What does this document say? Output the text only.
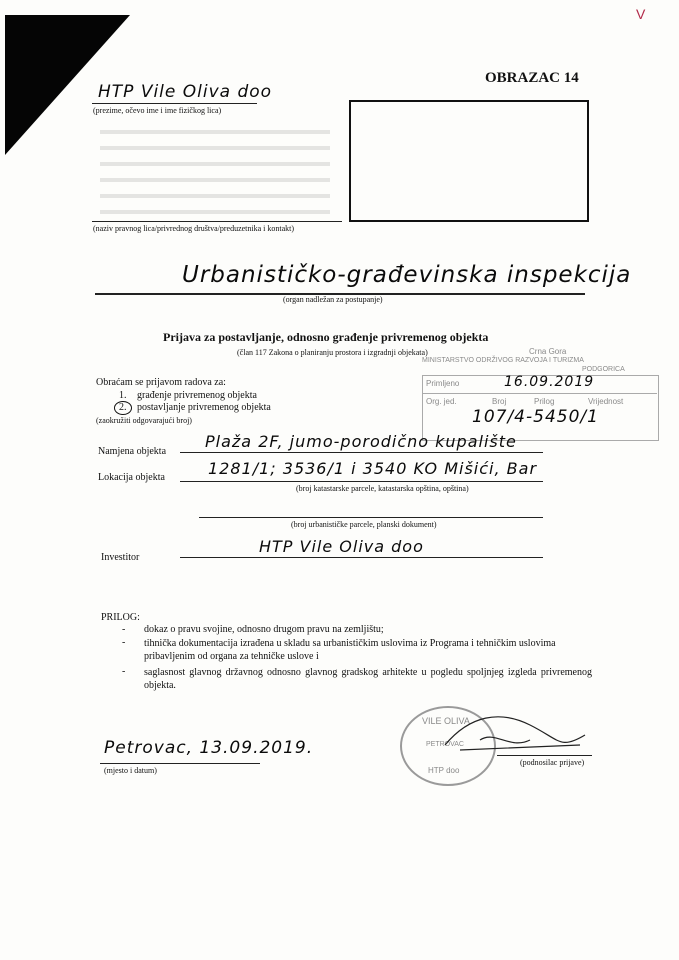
V
OBRAZAC 14
HTP Vile Oliva doo
(prezime, očevo ime i ime fizičkog lica)
(naziv pravnog lica/privrednog društva/preduzetnika i kontakt)
Urbanističko-građevinska inspekcija
(organ nadležan za postupanje)
Prijava za postavljanje, odnosno građenje privremenog objekta
(član 117 Zakona o planiranju prostora i izgradnji objekata)	Crna Gora
MINISTARSTVO ODRŽIVOG RAZVOJA I TURIZMA
PODGORICA
Primljeno	16.09.2019
Org. jed.	Broj	Prilog	Vrijednost
107/4-5450/1
Obraćam se prijavom radova za:
1. građenje privremenog objekta
2. postavljanje privremenog objekta
(zaokružiti odgovarajući broj)
Namjena objekta
Plaža 2F, jumo-porodično kupalište
Lokacija objekta	1281/1; 3536/1 i 3540 KO Mišići, Bar
(broj katastarske parcele, katastarska opština, opština)
(broj urbanističke parcele, planski dokument)
Investitor
HTP Vile Oliva doo
PRILOG:
- dokaz o pravu svojine, odnosno drugom pravu na zemljištu;
- tihnička dokumentacija izrađena u skladu sa urbanističkim uslovima iz Programa i tehničkim uslovima pribavljenim od organa za tehničke uslove i
- saglasnost glavnog državnog odnosno glavnog gradskog arhitekte u pogledu spoljnjeg izgleda privremenog objekta.
VILE OLIVA
PETROVAC
HTP doo
(podnosilac prijave)
Petrovac, 13.09.2019.
(mjesto i datum)
